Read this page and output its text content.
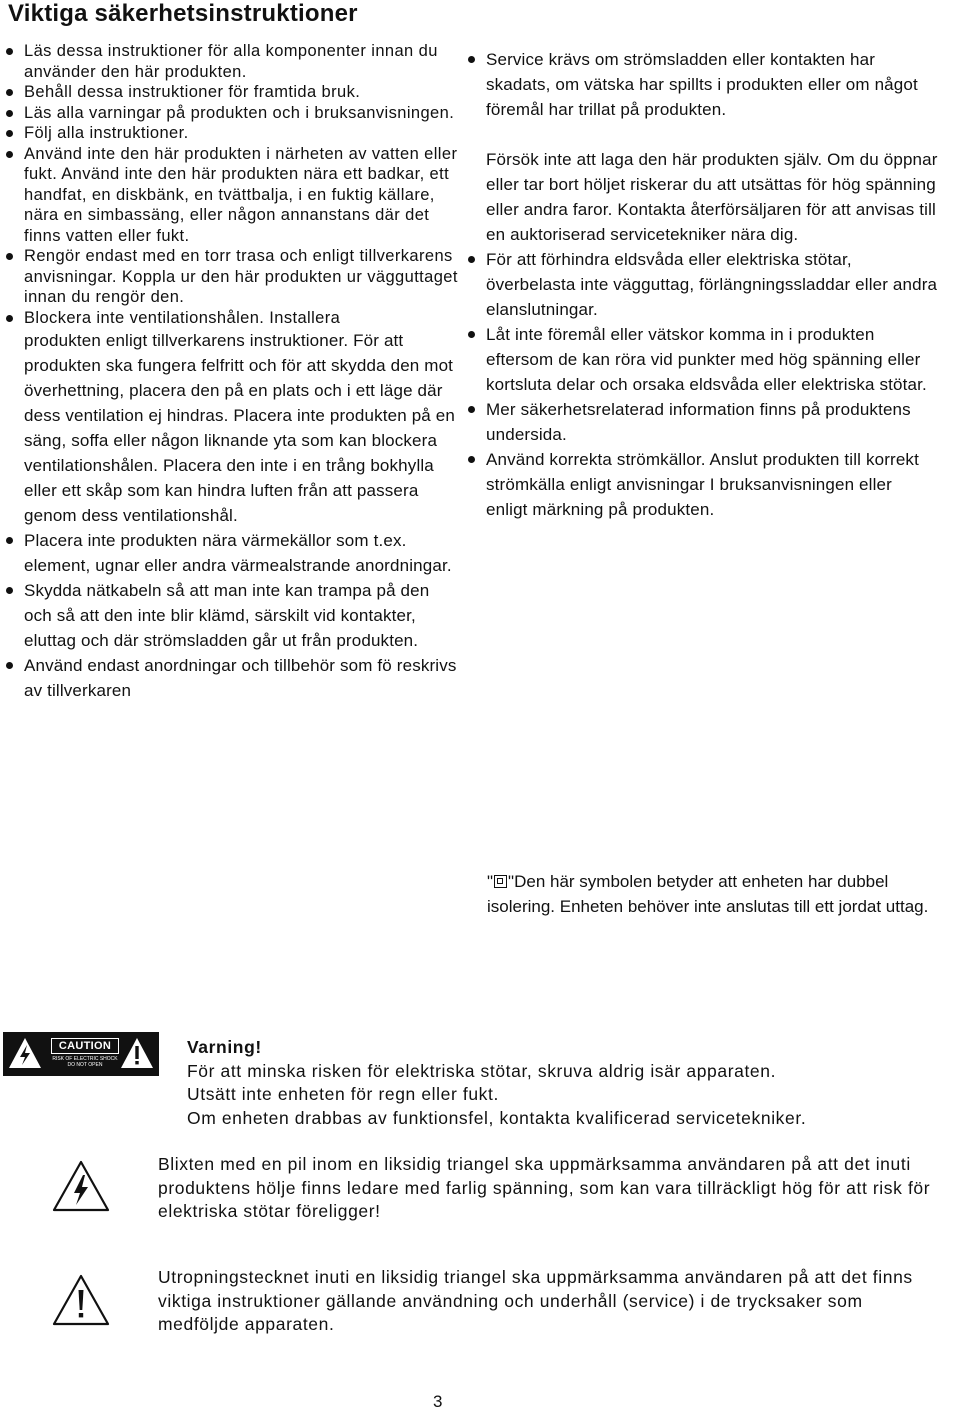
Viktiga säkerhetsinstruktioner
Läs dessa instruktioner för alla komponenter innan du använder den här produkten.
Behåll dessa instruktioner för framtida bruk.
Läs alla varningar på produkten och i bruksanvisningen.
Följ alla instruktioner.
Använd inte den här produkten i närheten av vatten eller fukt. Använd inte den här produkten nära ett badkar, ett handfat, en diskbänk, en tvättbalja, i en fuktig källare, nära en simbassäng, eller någon annanstans där det finns vatten eller fukt.
Rengör endast med en torr trasa och enligt tillverkarens anvisningar. Koppla ur den här produkten ur vägguttaget innan du rengör den.
Blockera inte ventilationshålen. Installera
produkten enligt tillverkarens instruktioner. För att produkten ska fungera felfritt och för att skydda den mot överhettning, placera den på en plats och i ett läge där dess ventilation ej hindras. Placera inte produkten på en säng, soffa eller någon liknande yta som kan blockera ventilationshålen. Placera den inte i en trång bokhylla eller ett skåp som kan hindra luften från att passera genom dess ventilationshål.
Placera inte produkten nära värmekällor som t.ex. element, ugnar eller andra värmealstrande anordningar.
Skydda nätkabeln så att man inte kan trampa på den och så att den inte blir klämd, särskilt vid kontakter, eluttag och där strömsladden går ut från produkten.
Använd endast anordningar och tillbehör som fö reskrivs av tillverkaren
Service krävs om strömsladden eller kontakten har skadats, om vätska har spillts i produkten eller om något föremål har trillat på produkten.
Försök inte att laga den här produkten själv. Om du öppnar eller tar bort höljet riskerar du att utsättas för hög spänning eller andra faror. Kontakta återförsäljaren för att anvisas till en auktoriserad servicetekniker nära dig.
För att förhindra eldsvåda eller elektriska stötar, överbelasta inte vägguttag, förlängningssladdar eller andra elanslutningar.
Låt inte föremål eller vätskor komma in i produkten eftersom de kan röra vid punkter med hög spänning eller kortsluta delar och orsaka eldsvåda eller elektriska stötar.
Mer säkerhetsrelaterad information finns på produktens undersida.
Använd korrekta strömkällor. Anslut produkten till korrekt strömkälla enligt anvisningar I bruksanvisningen eller enligt märkning på produkten.
" "Den här symbolen betyder att enheten har dubbel isolering. Enheten behöver inte anslutas till ett jordat uttag.
CAUTION
RISK OF ELECTRIC SHOCK
DO NOT OPEN
Varning!
För att minska risken för elektriska stötar, skruva aldrig isär apparaten.
Utsätt inte enheten för regn eller fukt.
Om enheten drabbas av funktionsfel, kontakta kvalificerad servicetekniker.
Blixten med en pil inom en liksidig triangel ska uppmärksamma användaren på att det inuti produktens hölje finns ledare med farlig spänning, som kan vara tillräckligt hög för att risk för elektriska stötar föreligger!
Utropningstecknet inuti en liksidig triangel ska uppmärksamma användaren på att det finns viktiga instruktioner gällande användning och underhåll (service) i de trycksaker som medföljde apparaten.
3
